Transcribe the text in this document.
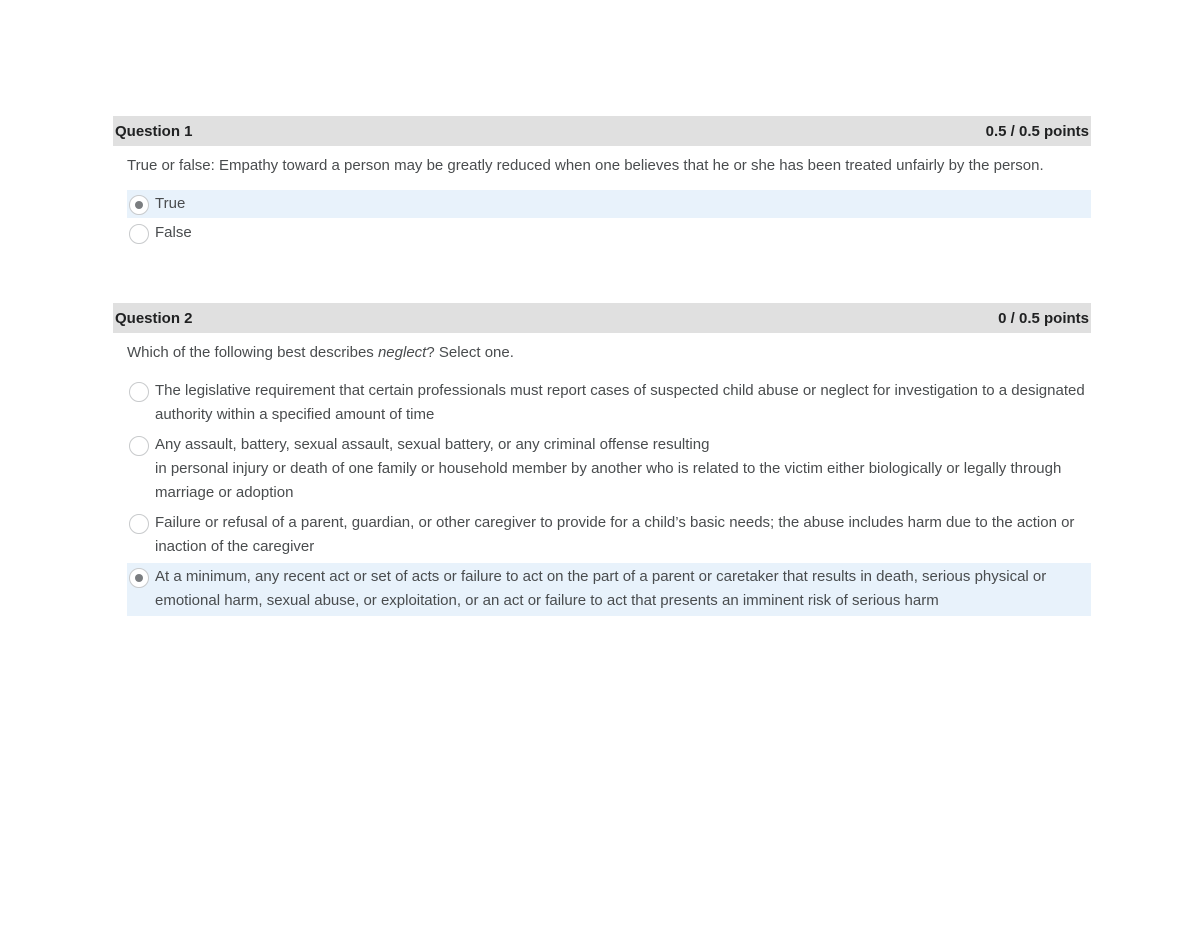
Question 1	0.5 / 0.5 points
True or false: Empathy toward a person may be greatly reduced when one believes that he or she has been treated unfairly by the person.
True
False
Question 2	0 / 0.5 points
Which of the following best describes neglect? Select one.
The legislative requirement that certain professionals must report cases of suspected child abuse or neglect for investigation to a designated authority within a specified amount of time
Any assault, battery, sexual assault, sexual battery, or any criminal offense resulting
in personal injury or death of one family or household member by another who is related to the victim either biologically or legally through marriage or adoption
Failure or refusal of a parent, guardian, or other caregiver to provide for a child’s basic needs; the abuse includes harm due to the action or inaction of the caregiver
At a minimum, any recent act or set of acts or failure to act on the part of a parent or caretaker that results in death, serious physical or emotional harm, sexual abuse, or exploitation, or an act or failure to act that presents an imminent risk of serious harm
